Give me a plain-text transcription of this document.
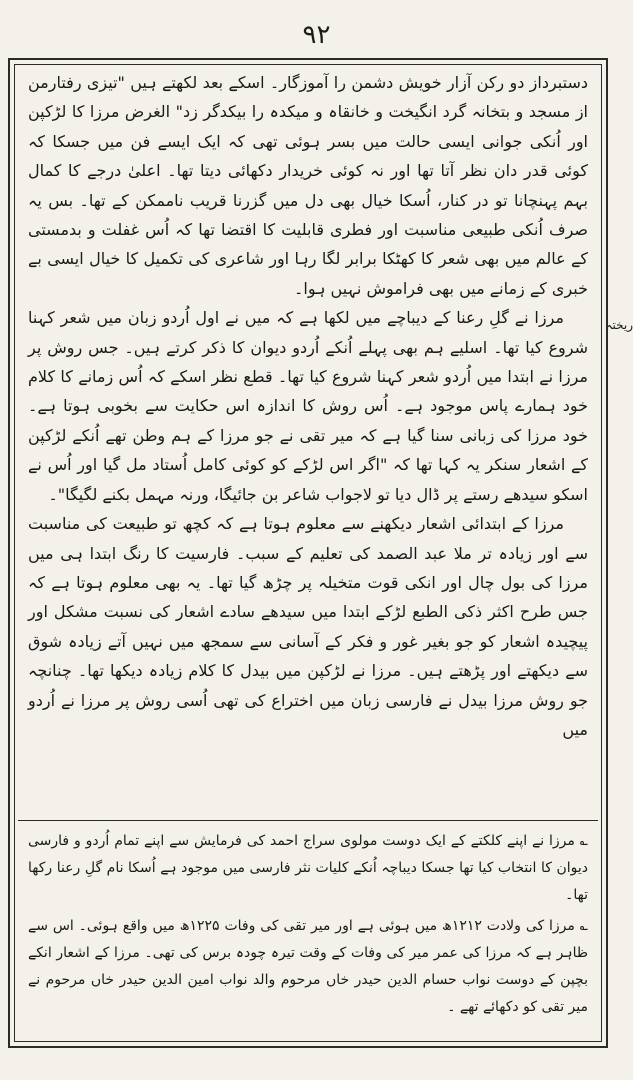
۹۲
ریختہ

دستبرداز دو رکن آزار خویش دشمن را آموزگار۔ اسکے بعد لکھتے ہیں "تیزی رفتارمن از مسجد و بتخانہ گرد انگیخت و خانقاہ و میکدہ را بیکدگر زد" الغرض مرزا کا لڑکپن اور اُنکی جوانی ایسی حالت میں بسر ہوئی تھی کہ ایک ایسے فن میں جسکا کہ کوئی قدر دان نظر آتا تھا اور نہ کوئی خریدار دکھائی دیتا تھا۔ اعلیٰ درجے کا کمال بہم پہنچانا تو در کنار، اُسکا خیال بھی دل میں گزرنا قریب ناممکن کے تھا۔ بس یہ صرف اُنکی طبیعی مناسبت اور فطری قابلیت کا اقتضا تھا کہ اُس غفلت و بدمستی کے عالم میں بھی شعر کا کھٹکا برابر لگا رہا اور شاعری کی تکمیل کا خیال ایسی بے خبری کے زمانے میں بھی فراموش نہیں ہوا۔

مرزا نے گلِ رعنا کے دیباچے میں لکھا ہے کہ میں نے اول اُردو زبان میں شعر کہنا شروع کیا تھا۔ اسلیے ہم بھی پہلے اُنکے اُردو دیوان کا ذکر کرتے ہیں۔ جس روش پر مرزا نے ابتدا میں اُردو شعر کہنا شروع کیا تھا۔ قطع نظر اسکے کہ اُس زمانے کا کلام خود ہمارے پاس موجود ہے۔ اُس روش کا اندازہ اس حکایت سے بخوبی ہوتا ہے۔ خود مرزا کی زبانی سنا گیا ہے کہ میر تقی نے جو مرزا کے ہم وطن تھے اُنکے لڑکپن کے اشعار سنکر یہ کہا تھا کہ "اگر اس لڑکے کو کوئی کامل اُستاد مل گیا اور اُس نے اسکو سیدھے رستے پر ڈال دیا تو لاجواب شاعر بن جائیگا، ورنہ مہمل بکنے لگیگا"۔

مرزا کے ابتدائی اشعار دیکھنے سے معلوم ہوتا ہے کہ کچھ تو طبیعت کی مناسبت سے اور زیادہ تر ملا عبد الصمد کی تعلیم کے سبب۔ فارسیت کا رنگ ابتدا ہی میں مرزا کی بول چال اور انکی قوت متخیلہ پر چڑھ گیا تھا۔ یہ بھی معلوم ہوتا ہے کہ جس طرح اکثر ذکی الطبع لڑکے ابتدا میں سیدھے سادے اشعار کی نسبت مشکل اور پیچیدہ اشعار کو جو بغیر غور و فکر کے آسانی سے سمجھ میں نہیں آتے زیادہ شوق سے دیکھتے اور پڑھتے ہیں۔ مرزا نے لڑکپن میں بیدل کا کلام زیادہ دیکھا تھا۔ چنانچہ جو روش مرزا بیدل نے فارسی زبان میں اختراع کی تھی اُسی روش پر مرزا نے اُردو میں

؎ مرزا نے اپنے کلکتے کے ایک دوست مولوی سراج احمد کی فرمایش سے اپنے تمام اُردو و فارسی دیوان کا انتخاب کیا تھا جسکا دیباچہ اُنکے کلیات نثر فارسی میں موجود ہے اُسکا نام گلِ رعنا رکھا تھا۔

؎ مرزا کی ولادت ۱۲۱۲ھ میں ہوئی ہے اور میر تقی کی وفات ۱۲۲۵ھ میں واقع ہوئی۔ اس سے ظاہر ہے کہ مرزا کی عمر میر کی وفات کے وقت تیرہ چودہ برس کی تھی۔ مرزا کے اشعار انکے بچپن کے دوست نواب حسام الدین حیدر خاں مرحوم والد نواب امین الدین حیدر خاں مرحوم نے میر تقی کو دکھائے تھے ۔
